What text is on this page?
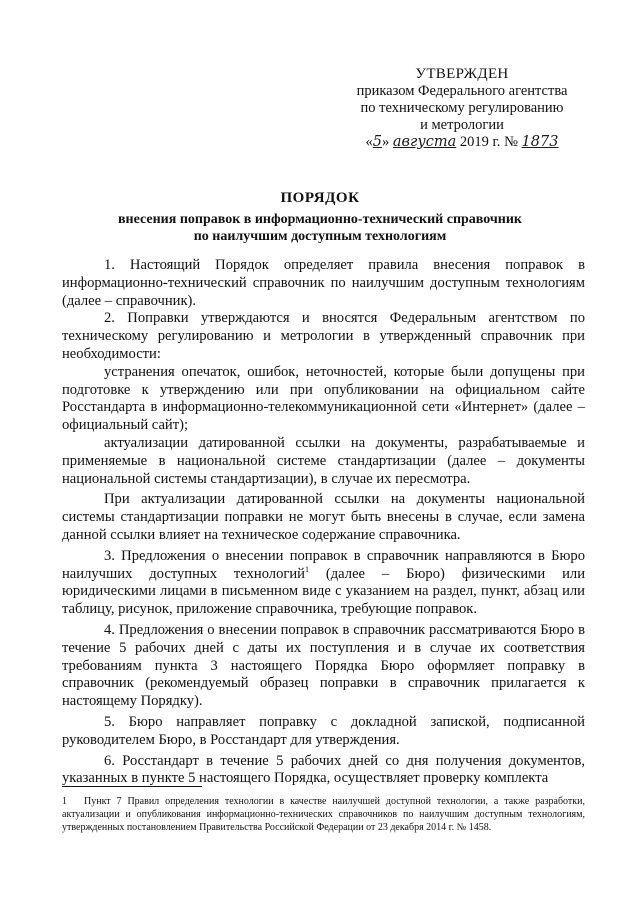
УТВЕРЖДЕН
приказом Федерального агентства
по техническому регулированию
и метрологии
«5» августа 2019 г. № 1873
ПОРЯДОК
внесения поправок в информационно-технический справочник
по наилучшим доступным технологиям

1. Настоящий Порядок определяет правила внесения поправок в информационно-технический справочник по наилучшим доступным технологиям (далее – справочник).

2. Поправки утверждаются и вносятся Федеральным агентством по техническому регулированию и метрологии в утвержденный справочник при необходимости:

устранения опечаток, ошибок, неточностей, которые были допущены при подготовке к утверждению или при опубликовании на официальном сайте Росстандарта в информационно-телекоммуникационной сети «Интернет» (далее – официальный сайт);

актуализации датированной ссылки на документы, разрабатываемые и применяемые в национальной системе стандартизации (далее – документы национальной системы стандартизации), в случае их пересмотра.

При актуализации датированной ссылки на документы национальной системы стандартизации поправки не могут быть внесены в случае, если замена данной ссылки влияет на техническое содержание справочника.

3. Предложения о внесении поправок в справочник направляются в Бюро наилучших доступных технологий$^1$ (далее – Бюро) физическими или юридическими лицами в письменном виде с указанием на раздел, пункт, абзац или таблицу, рисунок, приложение справочника, требующие поправок.

4. Предложения о внесении поправок в справочник рассматриваются Бюро в течение 5 рабочих дней с даты их поступления и в случае их соответствия требованиям пункта 3 настоящего Порядка Бюро оформляет поправку в справочник (рекомендуемый образец поправки в справочник прилагается к настоящему Порядку).

5. Бюро направляет поправку с докладной запиской, подписанной руководителем Бюро, в Росстандарт для утверждения.

6. Росстандарт в течение 5 рабочих дней со дня получения документов, указанных в пункте 5 настоящего Порядка, осуществляет проверку комплекта

1 Пункт 7 Правил определения технологии в качестве наилучшей доступной технологии, а также разработки, актуализации и опубликования информационно-технических справочников по наилучшим доступным технологиям, утвержденных постановлением Правительства Российской Федерации от 23 декабря 2014 г. № 1458.
